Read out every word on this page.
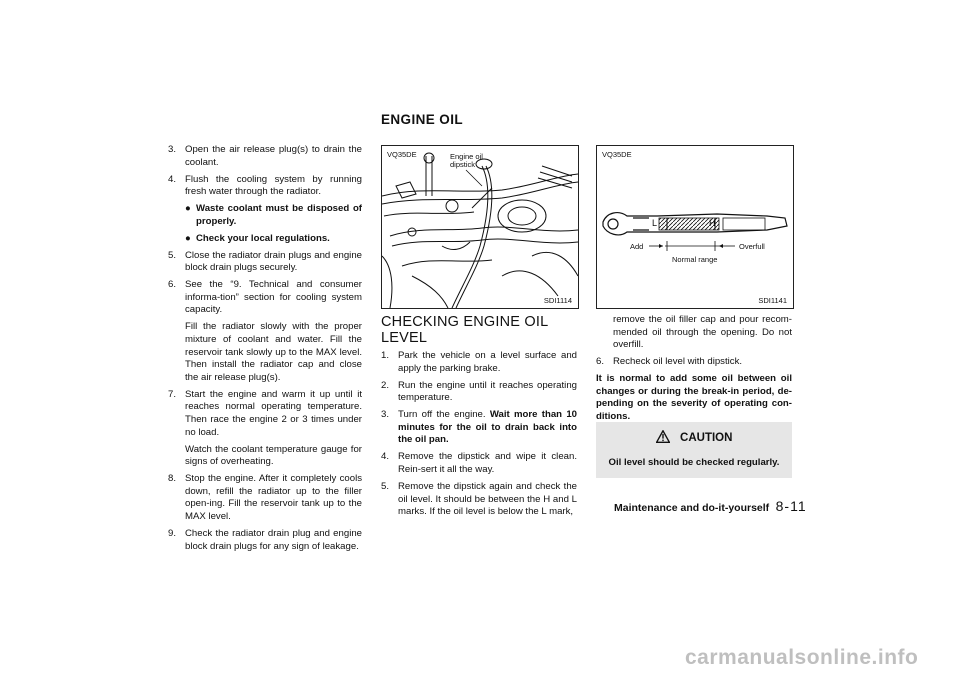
ENGINE OIL
3. Open the air release plug(s) to drain the coolant.
4. Flush the cooling system by running fresh water through the radiator.
● Waste coolant must be disposed of properly.
● Check your local regulations.
5. Close the radiator drain plugs and engine block drain plugs securely.
6. See the “9. Technical and consumer informa-tion” section for cooling system capacity.
Fill the radiator slowly with the proper mixture of coolant and water. Fill the reservoir tank slowly up to the MAX level. Then install the radiator cap and close the air release plug(s).
7. Start the engine and warm it up until it reaches normal operating temperature. Then race the engine 2 or 3 times under no load.
Watch the coolant temperature gauge for signs of overheating.
8. Stop the engine. After it completely cools down, refill the radiator up to the filler open-ing. Fill the reservoir tank up to the MAX level.
9. Check the radiator drain plug and engine block drain plugs for any sign of leakage.
VQ35DE	Engine oil
dipstick
SDI1114
VQ35DE
L	H
Add	Overfull
Normal range
SDI1141
CHECKING ENGINE OIL LEVEL
1. Park the vehicle on a level surface and apply the parking brake.
2. Run the engine until it reaches operating temperature.
3. Turn off the engine. Wait more than 10 minutes for the oil to drain back into the oil pan.
4. Remove the dipstick and wipe it clean. Rein-sert it all the way.
5. Remove the dipstick again and check the oil level. It should be between the H and L marks. If the oil level is below the L mark,
remove the oil filler cap and pour recom-mended oil through the opening. Do not overfill.
6. Recheck oil level with dipstick.
It is normal to add some oil between oil changes or during the break-in period, de-pending on the severity of operating con-ditions.
CAUTION
Oil level should be checked regularly.
Maintenance and do-it-yourself 8-11
carmanualsonline.info
